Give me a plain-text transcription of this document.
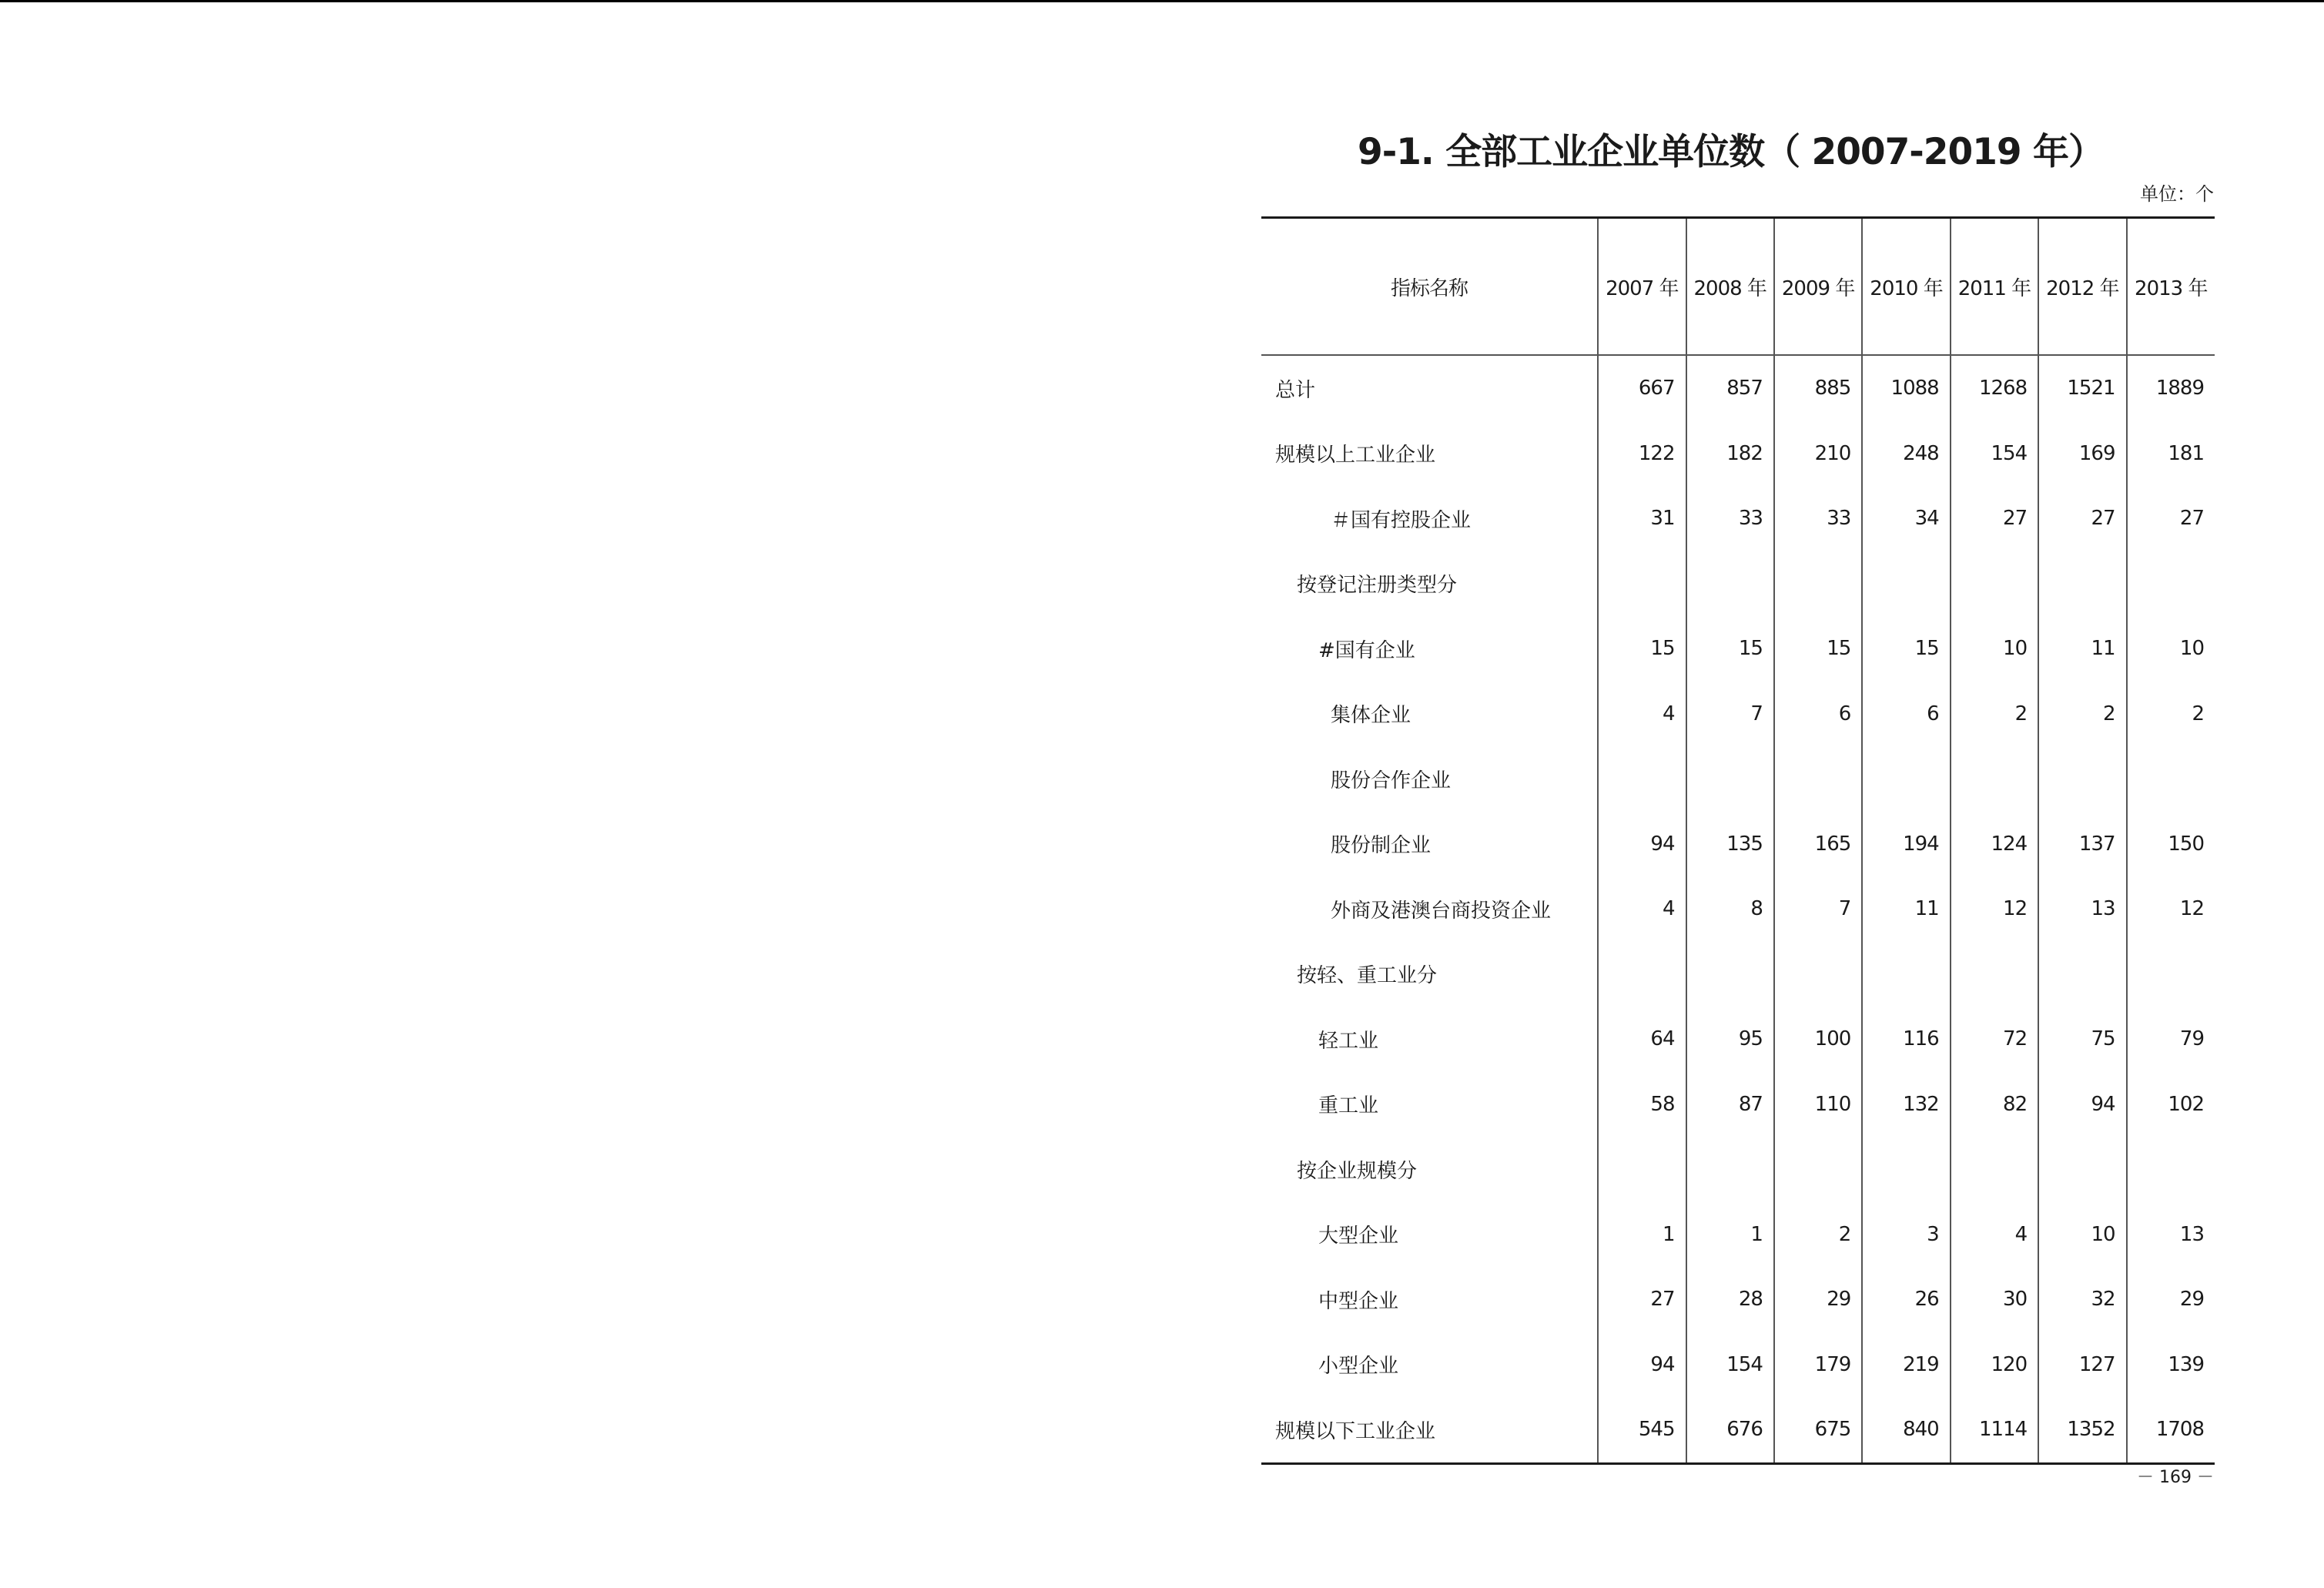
9-1. 全部工业企业单位数（ 2007-2019 年）
单位：个
指标名称	2007 年	2008 年	2009 年	2010 年	2011 年	2012 年	2013 年
总计	667	857	885	1088	1268	1521	1889
规模以上工业企业	122	182	210	248	154	169	181
＃国有控股企业	31	33	33	34	27	27	27
按登记注册类型分							
#国有企业	15	15	15	15	10	11	10
集体企业	4	7	6	6	2	2	2
股份合作企业							
股份制企业	94	135	165	194	124	137	150
外商及港澳台商投资企业	4	8	7	11	12	13	12
按轻、重工业分							
轻工业	64	95	100	116	72	75	79
重工业	58	87	110	132	82	94	102
按企业规模分							
大型企业	1	1	2	3	4	10	13
中型企业	27	28	29	26	30	32	29
小型企业	94	154	179	219	120	127	139
规模以下工业企业	545	676	675	840	1114	1352	1708
－ 169 －
